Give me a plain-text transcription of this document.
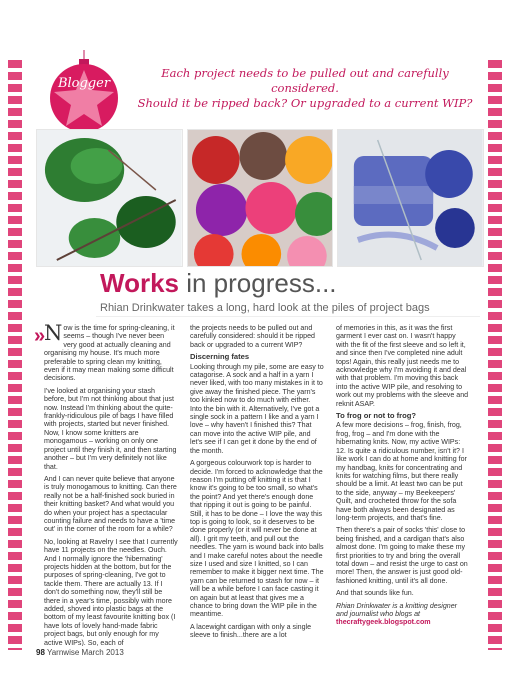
Blogger
Each project needs to be pulled out and carefully considered.
Should it be ripped back? Or upgraded to a current WIP?
Works in progress...
Rhian Drinkwater takes a long, hard look at the piles of project bags
»

Now is the time for spring-cleaning, it seems – though I've never been very good at actually cleaning and organising my house. It's much more preferable to spring clean my knitting, even if it may mean making some difficult decisions.

I've looked at organising your stash before, but I'm not thinking about that just now. Instead I'm thinking about the quite-frankly-ridiculous pile of bags I have filled with projects, started but never finished. Now, I know some knitters are monogamous – working on only one project until they finish it, and then starting another – but I'm very definitely not like that.

And I can never quite believe that anyone is truly monogamous to knitting. Can there really not be a half-finished sock buried in their knitting basket? And what would you do when your project has a spectacular counting failure and needs to have a 'time out' in the corner of the room for a while?

No, looking at Ravelry I see that I currently have 11 projects on the needles. Ouch. And I normally ignore the 'hibernating' projects hidden at the bottom, but for the purposes of spring-cleaning, I've got to tackle them. There are actually 13. If I don't do something now, they'll still be there in a year's time, possibly with more added, shoved into plastic bags at the bottom of my least favourite knitting box (I have lots of lovely hand-made fabric project bags, but only enough for my active WIPs). So, each of

the projects needs to be pulled out and carefully considered: should it be ripped back or upgraded to a current WIP?

Discerning fates

Looking through my pile, some are easy to catagorise. A sock and a half in a yarn I never liked, with too many mistakes in it to give away the finished piece. The yarn's too kinked now to do much with either. Into the bin with it. Alternatively, I've got a single sock in a pattern I like and a yarn I love – why haven't I finished this? That can move into the active WIP pile, and let's see if I can get it done by the end of the month.

A gorgeous colourwork top is harder to decide. I'm forced to acknowledge that the reason I'm putting off knitting it is that I know it's going to be too small, so what's the point? And yet there's enough done that ripping it out is going to be painful. Still, it has to be done – I love the way this top is going to look, so it deserves to be done properly (or it will never be done at all). I grit my teeth, and pull out the needles. The yarn is wound back into balls and I make careful notes about the needle size I used and size I knitted, so I can remember to make it bigger next time. The yarn can be returned to stash for now – it will be a while before I can face casting it on again but at least that gives me a chance to bring down the WIP pile in the meantime.

A lacewight cardigan with only a single sleeve to finish...there are a lot

of memories in this, as it was the first garment I ever cast on. I wasn't happy with the fit of the first sleeve and so left it, and since then I've completed nine adult tops! Again, this really just needs me to acknowledge why I'm avoiding it and deal with that problem. I'm moving this back into the active WIP pile, and resolving to work out my problems with the sleeve and reknit ASAP.

To frog or not to frog?

A few more decisions – frog, finish, frog, frog, frog – and I'm done with the hibernating knits. Now, my active WIPs: 12. Is quite a ridiculous number, isn't it? I like work I can do at home and knitting for my handbag, knits for concentrating and knits for watching films, but there really should be a limit. At least two can be put to the side, anyway – my Beekeepers' Quilt, and crocheted throw for the sofa have both always been designated as long-term projects, and that's fine.

Then there's a pair of socks 'this' close to being finished, and a cardigan that's also almost done. I'm going to make these my first priorities to try and bring the overall total down – and resist the urge to cast on more! Then, the answer is just good old-fashioned knitting, until it's all done.

And that sounds like fun.

Rhian Drinkwater is a knitting designer and journalist who blogs at thecraftygeek.blogspot.com

98 Yarnwise March 2013
